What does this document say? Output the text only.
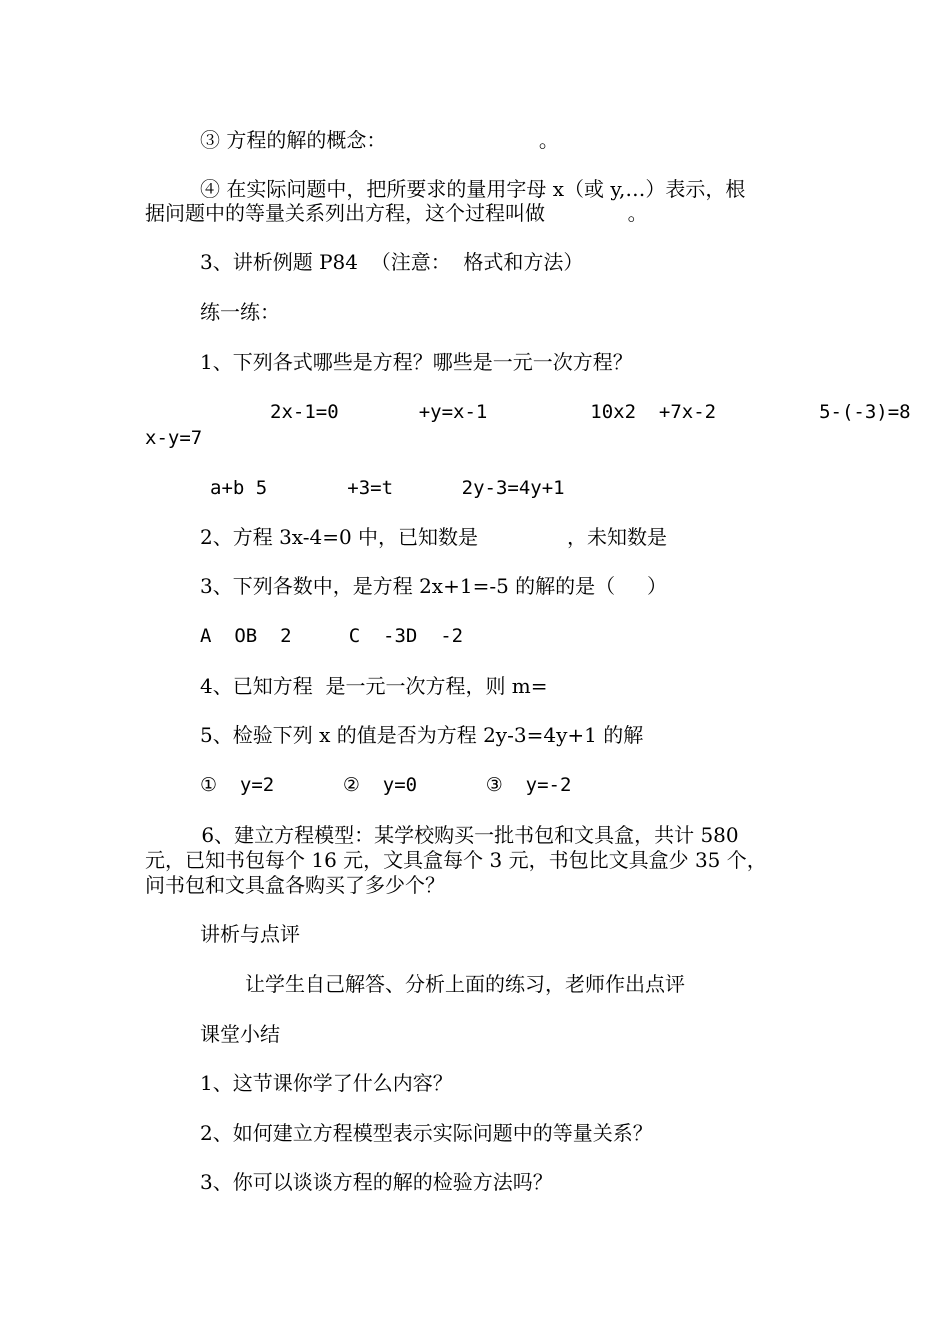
③ 方程的解的概念：                        。
④ 在实际问题中，把所要求的量用字母 x（或 y,…）表示，根
据问题中的等量关系列出方程，这个过程叫做             。
3、讲析例题 P84  （注意：  格式和方法）
练一练：
1、下列各式哪些是方程？哪些是一元一次方程？
2x-1=0       +y=x-1         10x2  +7x-2         5-(-3)=8
x-y=7
a+b 5       +3=t      2y-3=4y+1
2、方程 3x-4=0 中，已知数是              ，未知数是
3、下列各数中，是方程 2x+1=-5 的解的是（     ）
A  OB  2     C  -3D  -2
4、已知方程  是一元一次方程，则 m=
5、检验下列 x 的值是否为方程 2y-3=4y+1 的解
①  y=2      ②  y=0      ③  y=-2
6、建立方程模型：某学校购买一批书包和文具盒，共计 580
元，已知书包每个 16 元，文具盒每个 3 元，书包比文具盒少 35 个，
问书包和文具盒各购买了多少个？
讲析与点评
让学生自己解答、分析上面的练习，老师作出点评
课堂小结
1、这节课你学了什么内容？
2、如何建立方程模型表示实际问题中的等量关系？
3、你可以谈谈方程的解的检验方法吗？
